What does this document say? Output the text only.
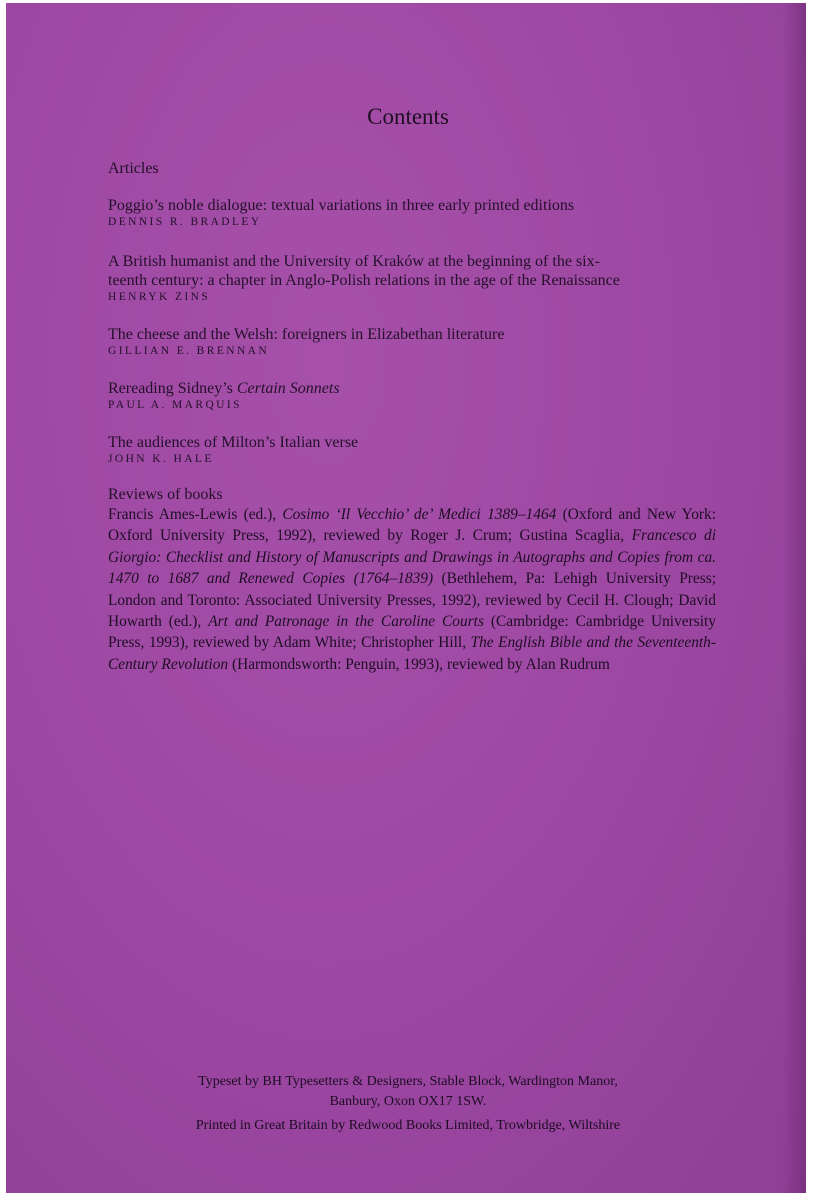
Contents
Articles
Poggio’s noble dialogue: textual variations in three early printed editions
DENNIS R. BRADLEY
A British humanist and the University of Kraków at the beginning of the six-
teenth century: a chapter in Anglo-Polish relations in the age of the Renaissance
HENRYK ZINS
The cheese and the Welsh: foreigners in Elizabethan literature
GILLIAN E. BRENNAN
Rereading Sidney’s Certain Sonnets
PAUL A. MARQUIS
The audiences of Milton’s Italian verse
JOHN K. HALE
Reviews of books

Francis Ames-Lewis (ed.), Cosimo ‘Il Vecchio’ de’ Medici 1389–1464 (Oxford and New York: Oxford University Press, 1992), reviewed by Roger J. Crum; Gustina Scaglia, Francesco di Giorgio: Checklist and History of Manuscripts and Drawings in Autographs and Copies from ca. 1470 to 1687 and Renewed Copies (1764–1839) (Bethlehem, Pa: Lehigh University Press; London and Toronto: Associated University Presses, 1992), reviewed by Cecil H. Clough; David Howarth (ed.), Art and Patronage in the Caroline Courts (Cambridge: Cambridge University Press, 1993), reviewed by Adam White; Christopher Hill, The English Bible and the Seventeenth-Century Revolution (Harmondsworth: Penguin, 1993), reviewed by Alan Rudrum

Typeset by BH Typesetters & Designers, Stable Block, Wardington Manor,
Banbury, Oxon OX17 1SW.
Printed in Great Britain by Redwood Books Limited, Trowbridge, Wiltshire
